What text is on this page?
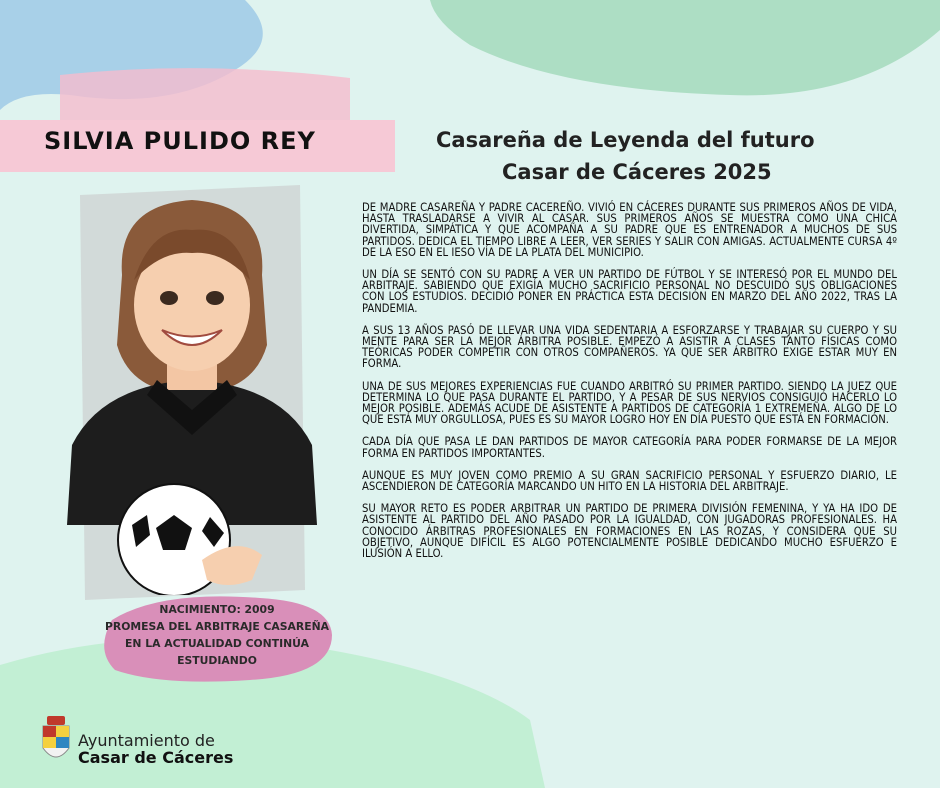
SILVIA PULIDO REY	Casareña de Leyenda del futuro
Casar de Cáceres 2025

DE MADRE CASAREÑA Y PADRE CACEREÑO. VIVIÓ EN CÁCERES DURANTE SUS PRIMEROS AÑOS DE VIDA, HASTA TRASLADARSE A VIVIR AL CASAR. SUS PRIMEROS AÑOS SE MUESTRA COMO UNA CHICA DIVERTIDA, SIMPÁTICA Y QUE ACOMPAÑA A SU PADRE QUE ES ENTRENADOR A MUCHOS DE SUS PARTIDOS. DEDICA EL TIEMPO LIBRE A LEER, VER SERIES Y SALIR CON AMIGAS. ACTUALMENTE CURSA 4º DE LA ESO EN EL IESO VÍA DE LA PLATA DEL MUNICIPIO.

UN DÍA SE SENTÓ CON SU PADRE A VER UN PARTIDO DE FÚTBOL Y SE INTERESÓ POR EL MUNDO DEL ARBITRAJE. SABIENDO QUE EXIGÍA MUCHO SACRIFICIO PERSONAL NO DESCUIDÓ SUS OBLIGACIONES CON LOS ESTUDIOS. DECIDIÓ PONER EN PRÁCTICA ESTA DECISIÓN EN MARZO DEL AÑO 2022, TRAS LA PANDEMIA.

A SUS 13 AÑOS PASÓ DE LLEVAR UNA VIDA SEDENTARIA A ESFORZARSE Y TRABAJAR SU CUERPO Y SU MENTE PARA SER LA MEJOR ÁRBITRA POSIBLE. EMPEZÓ A ASISTIR A CLASES TANTO FÍSICAS COMO TEÓRICAS PODER COMPETIR CON OTROS COMPAÑEROS. YA QUE SER ÁRBITRO EXIGE ESTAR MUY EN FORMA.

UNA DE SUS MEJORES EXPERIENCIAS FUE CUANDO ARBITRÓ SU PRIMER PARTIDO. SIENDO LA JUEZ QUE DETERMINA LO QUE PASA DURANTE EL PARTIDO, Y A PESAR DE SUS NERVIOS CONSIGUIÓ HACERLO LO MEJOR POSIBLE. ADEMÁS ACUDE DE ASISTENTE A PARTIDOS DE CATEGORÍA 1 EXTREMEÑA. ALGO DE LO QUE ESTÁ MUY ORGULLOSA, PUES ES SU MAYOR LOGRO HOY EN DÍA PUESTO QUE ESTÁ EN FORMACIÓN.

CADA DÍA QUE PASA LE DAN PARTIDOS DE MAYOR CATEGORÍA PARA PODER FORMARSE DE LA MEJOR FORMA EN PARTIDOS IMPORTANTES.

AUNQUE ES MUY JOVEN COMO PREMIO A SU GRAN SACRIFICIO PERSONAL Y ESFUERZO DIARIO, LE ASCENDIERON DE CATEGORÍA MARCANDO UN HITO EN LA HISTORIA DEL ARBITRAJE.

SU MAYOR RETO ES PODER ARBITRAR UN PARTIDO DE PRIMERA DIVISIÓN FEMENINA, Y YA HA IDO DE ASISTENTE AL PARTIDO DEL AÑO PASADO POR LA IGUALDAD, CON JUGADORAS PROFESIONALES. HA CONOCIDO ÁRBITRAS PROFESIONALES EN FORMACIONES EN LAS ROZAS, Y CONSIDERA QUE SU OBJETIVO, AUNQUE DIFÍCIL ES ALGO POTENCIALMENTE POSIBLE DEDICANDO MUCHO ESFUERZO E ILUSIÓN A ELLO.

NACIMIENTO: 2009
PROMESA DEL ARBITRAJE CASAREÑA
EN LA ACTUALIDAD CONTINÚA
ESTUDIANDO
Ayuntamiento de
Casar de Cáceres
